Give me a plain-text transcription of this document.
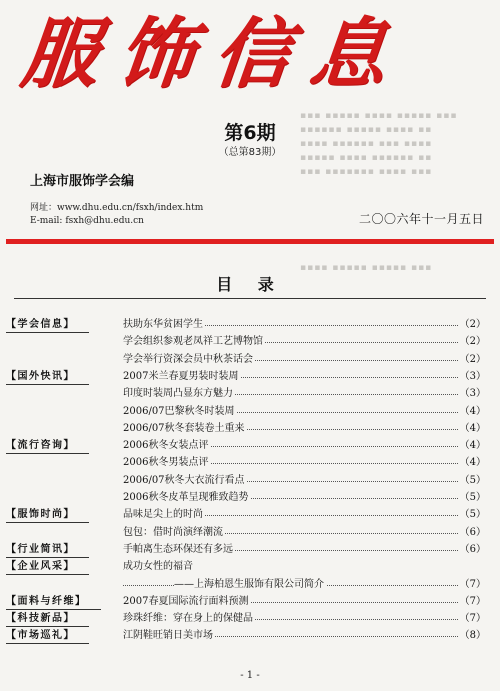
▪▪▪ ▪▪▪▪▪ ▪▪▪▪ ▪▪▪▪▪ ▪▪▪
▪▪▪▪▪▪ ▪▪▪▪▪ ▪▪▪▪ ▪▪
▪▪▪▪ ▪▪▪▪▪▪ ▪▪▪ ▪▪▪▪
▪▪▪▪▪ ▪▪▪▪ ▪▪▪▪▪▪ ▪▪
▪▪▪ ▪▪▪▪▪▪▪ ▪▪▪▪ ▪▪▪
▪▪▪▪ ▪▪▪▪▪ ▪▪▪▪▪ ▪▪▪
服饰信息
第6期
（总第83期）
上海市服饰学会编
网址：www.dhu.edu.cn/fsxh/index.htm
E-mail: fsxh@dhu.edu.cn	二〇〇六年十一月五日
目 录
【学会信息】	扶助东华贫困学生	（2）
学会组织参观老凤祥工艺博物馆	（2）
学会举行资深会员中秋茶话会	（2）
【国外快讯】	2007米兰春夏男装时装周	（3）
印度时装周凸显东方魅力	（3）
2006/07巴黎秋冬时装周	（4）
2006/07秋冬套装卷土重来	（4）
【流行咨询】	2006秋冬女装点评	（4）
2006秋冬男装点评	（4）
2006/07秋冬大衣流行看点	（5）
2006秋冬皮革呈现雅致趋势	（5）
【服饰时尚】	品味足尖上的时尚	（5）
包包：借时尚演绎潮流	（6）
【行业简讯】	手帕离生态环保还有多远	（6）
【企业风采】	成功女性的福音
——上海柏恩生服饰有限公司简介	（7）
【面料与纤维】	2007春夏国际流行面料预测	（7）
【科技新品】	珍珠纤维：穿在身上的保健品	（7）
【市场巡礼】	江阴鞋旺销日美市场	（8）
- 1 -
